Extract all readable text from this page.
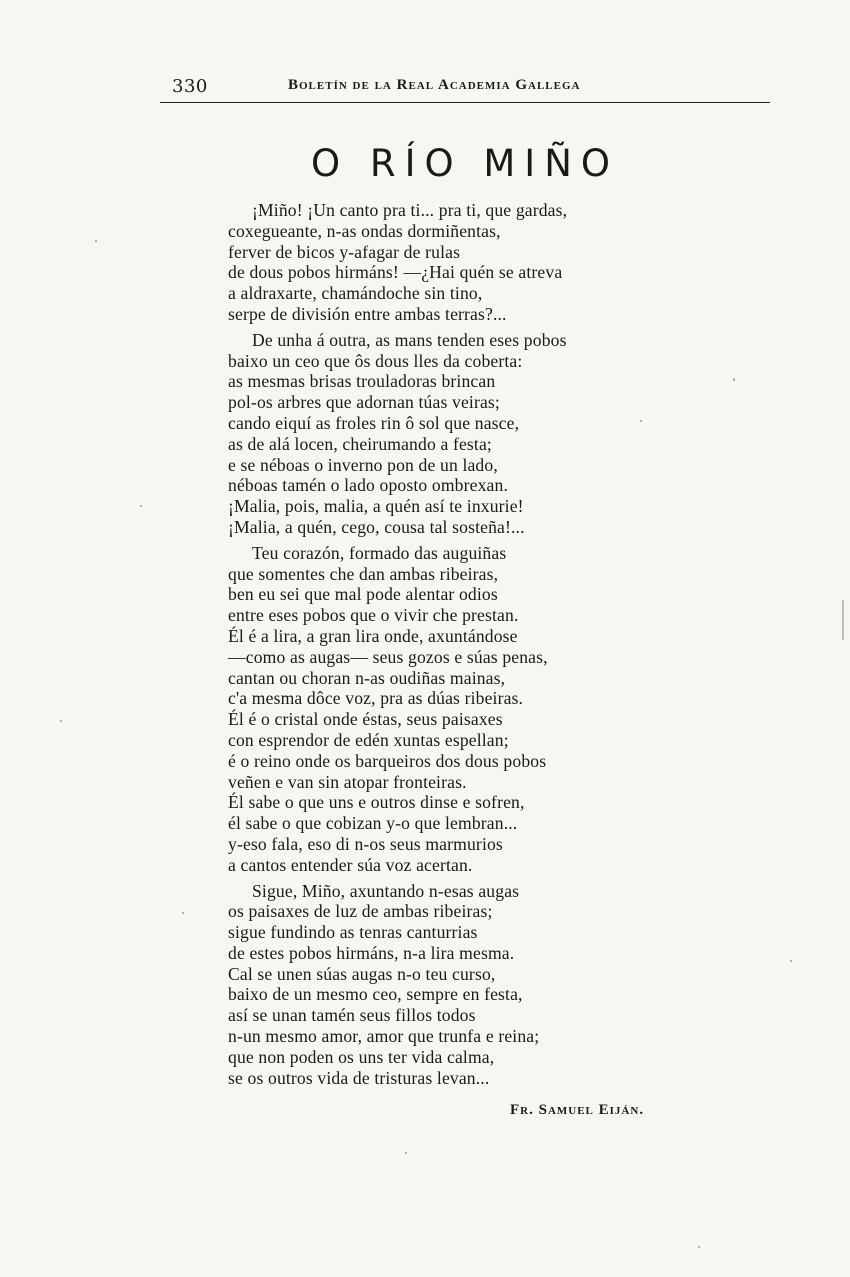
330	Boletín de la Real Academia Gallega
O RÍO MIÑO
¡Miño! ¡Un canto pra ti... pra ti, que gardas,
coxegueante, n-as ondas dormiñentas,
ferver de bicos y-afagar de rulas
de dous pobos hirmáns! —¿Hai quén se atreva
a aldraxarte, chamándoche sin tino,
serpe de división entre ambas terras?...
De unha á outra, as mans tenden eses pobos
baixo un ceo que ôs dous lles da coberta:
as mesmas brisas trouladoras brincan
pol-os arbres que adornan túas veiras;
cando eiquí as froles rin ô sol que nasce,
as de alá locen, cheirumando a festa;
e se néboas o inverno pon de un lado,
néboas tamén o lado oposto ombrexan.
¡Malia, pois, malia, a quén así te inxurie!
¡Malia, a quén, cego, cousa tal sosteña!...
Teu corazón, formado das auguiñas
que somentes che dan ambas ribeiras,
ben eu sei que mal pode alentar odios
entre eses pobos que o vivir che prestan.
Él é a lira, a gran lira onde, axuntándose
—como as augas— seus gozos e súas penas,
cantan ou choran n-as oudiñas mainas,
c'a mesma dôce voz, pra as dúas ribeiras.
Él é o cristal onde éstas, seus paisaxes
con esprendor de edén xuntas espellan;
é o reino onde os barqueiros dos dous pobos
veñen e van sin atopar fronteiras.
Él sabe o que uns e outros dinse e sofren,
él sabe o que cobizan y-o que lembran...
y-eso fala, eso di n-os seus marmurios
a cantos entender súa voz acertan.
Sigue, Miño, axuntando n-esas augas
os paisaxes de luz de ambas ribeiras;
sigue fundindo as tenras canturrias
de estes pobos hirmáns, n-a lira mesma.
Cal se unen súas augas n-o teu curso,
baixo de un mesmo ceo, sempre en festa,
así se unan tamén seus fillos todos
n-un mesmo amor, amor que trunfa e reina;
que non poden os uns ter vida calma,
se os outros vida de tristuras levan...
Fr. Samuel Eiján.
